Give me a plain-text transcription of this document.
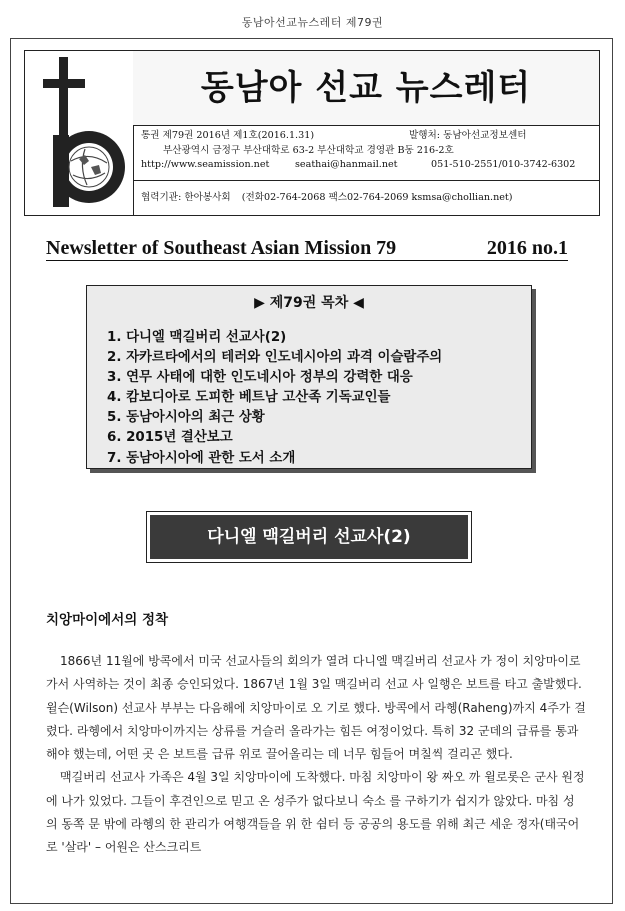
동남아선교뉴스레터 제79권
동남아 선교 뉴스레터
통권 제79권 2016년 제1호(2016.1.31)	발행처: 동남아선교정보센터
부산광역시 금정구 부산대학로 63-2 부산대학교 경영관 B동 216-2호
http://www.seamission.net	seathai@hanmail.net	051-510-2551/010-3742-6302
협력기관: 한아봉사회 (전화02-764-2068 팩스02-764-2069 ksmsa@chollian.net)
Newsletter of Southeast Asian Mission 79	2016 no.1
▶ 제79권 목차 ◀
1. 다니엘 맥길버리 선교사(2)
2. 자카르타에서의 테러와 인도네시아의 과격 이슬람주의
3. 연무 사태에 대한 인도네시아 정부의 강력한 대응
4. 캄보디아로 도피한 베트남 고산족 기독교인들
5. 동남아시아의 최근 상황
6. 2015년 결산보고
7. 동남아시아에 관한 도서 소개
다니엘 맥길버리 선교사(2)
치앙마이에서의 정착

1866년 11월에 방콕에서 미국 선교사들의 회의가 열려 다니엘 맥길버리 선교사 가 정이 치앙마이로 가서 사역하는 것이 최종 승인되었다. 1867년 1월 3일 맥길버리 선교 사 일행은 보트를 타고 출발했다. 윌슨(Wilson) 선교사 부부는 다음해에 치앙마이로 오 기로 했다. 방콕에서 라헹(Raheng)까지 4주가 걸렸다. 라헹에서 치앙마이까지는 상류를 거슬러 올라가는 힘든 여정이었다. 특히 32 군데의 급류를 통과해야 했는데, 어떤 곳 은 보트를 급류 위로 끌어올리는 데 너무 힘들어 며칠씩 걸리곤 했다.

맥길버리 선교사 가족은 4월 3일 치앙마이에 도착했다. 마침 치앙마이 왕 짜오 까 윌로롯은 군사 원정에 나가 있었다. 그들이 후견인으로 믿고 온 성주가 없다보니 숙소 를 구하기가 쉽지가 않았다. 마침 성의 동쪽 문 밖에 라헹의 한 관리가 여행객들을 위 한 쉼터 등 공공의 용도를 위해 최근 세운 정자(태국어로 '살라' – 어원은 산스크리트
